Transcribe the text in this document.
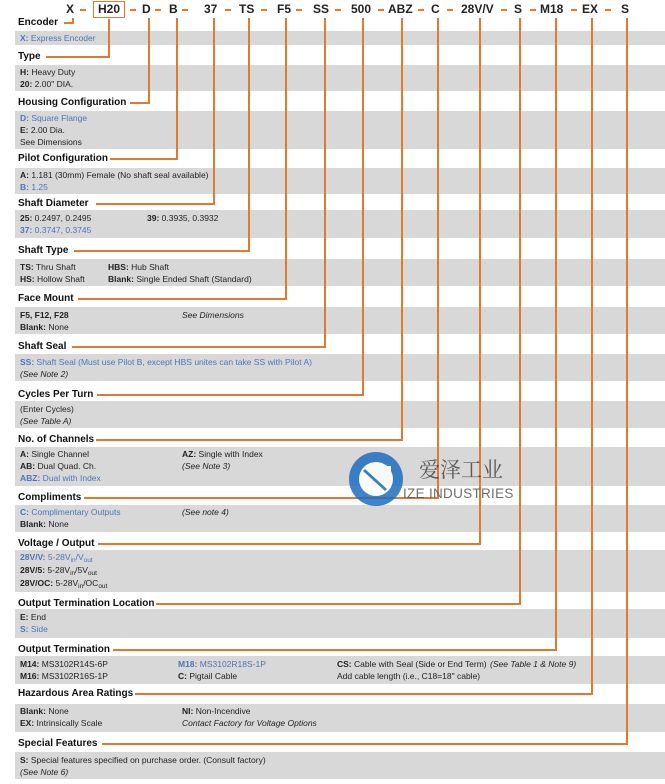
X	H20	D B 37 TS F5 SS 500 ABZ C 28V/V S M18 EX S
Encoder
Type
Housing Configuration
Pilot Configuration
Shaft Diameter
Shaft Type
Face Mount
Shaft Seal
Cycles Per Turn
No. of Channels
Compliments
Voltage / Output
Output Termination Location
Output Termination
Hazardous Area Ratings
Special Features
X: Express Encoder
H: Heavy Duty
20: 2.00" DIA.
D: Square Flange
E: 2.00 Dia.
See Dimensions
A: 1.181 (30mm) Female (No shaft seal available)
B: 1.25
25: 0.2497, 0.2495
37: 0.3747, 0.3745
39: 0.3935, 0.3932
TS: Thru Shaft
HS: Hollow Shaft
HBS: Hub Shaft
Blank: Single Ended Shaft (Standard)
F5, F12, F28
Blank: None
See Dimensions
SS: Shaft Seal (Must use Pilot B, except HBS unites can take SS with Pilot A)
(See Note 2)
(Enter Cycles)
(See Table A)
A: Single Channel
AB: Dual Quad. Ch.
ABZ: Dual with Index
AZ: Single with Index
(See Note 3)
C: Complimentary Outputs
Blank: None
(See note 4)
28V/V: $5-28V_{in}/V_{out}$
28V/5: $5-28V_{in}/5V_{out}$
28V/OC: $5-28V_{in}/OC_{out}$
E: End
S: Side
M14: MS3102R14S-6P
M16: MS3102R16S-1P
M18: MS3102R18S-1P
C: Pigtail Cable
CS: Cable with Seal (Side or End Term)
Add cable length (i.e., C18=18" cable)
(See Table 1 & Note 9)
Blank: None
EX: Intrinsically Scale
NI: Non-Incendive
Contact Factory for Voltage Options
S: Special features specified on purchase order. (Consult factory)
(See Note 6)
爱泽工业
IZE INDUSTRIES
